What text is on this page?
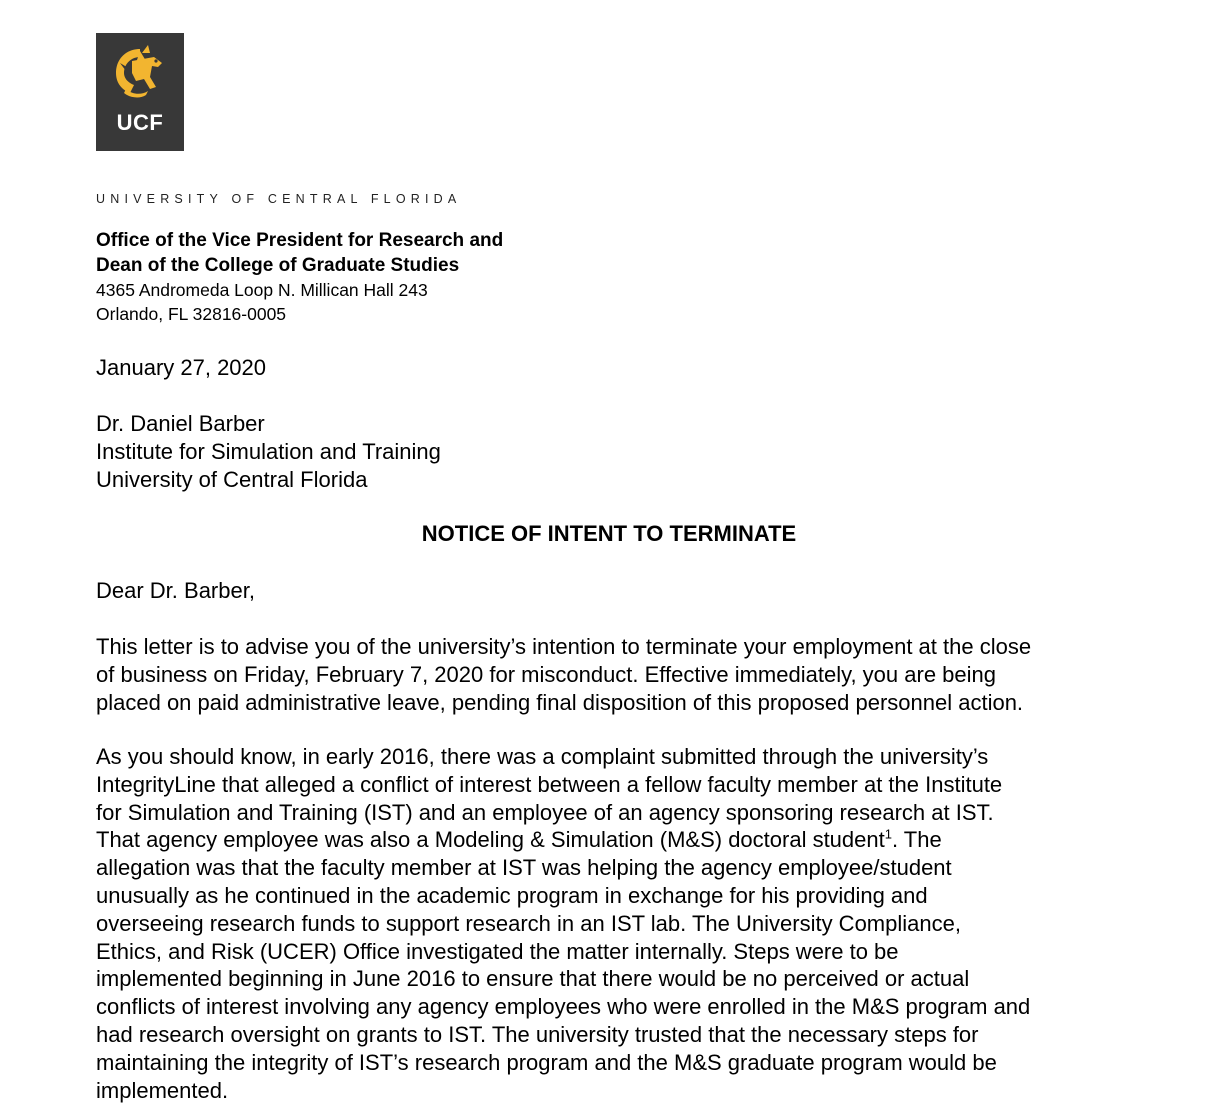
UCF
UNIVERSITY OF CENTRAL FLORIDA
Office of the Vice President for Research and
Dean of the College of Graduate Studies
4365 Andromeda Loop N. Millican Hall 243
Orlando, FL 32816-0005
January 27, 2020
Dr. Daniel Barber
Institute for Simulation and Training
University of Central Florida
NOTICE OF INTENT TO TERMINATE
Dear Dr. Barber,
This letter is to advise you of the university’s intention to terminate your employment at the close
of business on Friday, February 7, 2020 for misconduct. Effective immediately, you are being
placed on paid administrative leave, pending final disposition of this proposed personnel action.
As you should know, in early 2016, there was a complaint submitted through the university’s
IntegrityLine that alleged a conflict of interest between a fellow faculty member at the Institute
for Simulation and Training (IST) and an employee of an agency sponsoring research at IST.
That agency employee was also a Modeling & Simulation (M&S) doctoral student$^1$. The
allegation was that the faculty member at IST was helping the agency employee/student
unusually as he continued in the academic program in exchange for his providing and
overseeing research funds to support research in an IST lab. The University Compliance,
Ethics, and Risk (UCER) Office investigated the matter internally. Steps were to be
implemented beginning in June 2016 to ensure that there would be no perceived or actual
conflicts of interest involving any agency employees who were enrolled in the M&S program and
had research oversight on grants to IST. The university trusted that the necessary steps for
maintaining the integrity of IST’s research program and the M&S graduate program would be
implemented.
